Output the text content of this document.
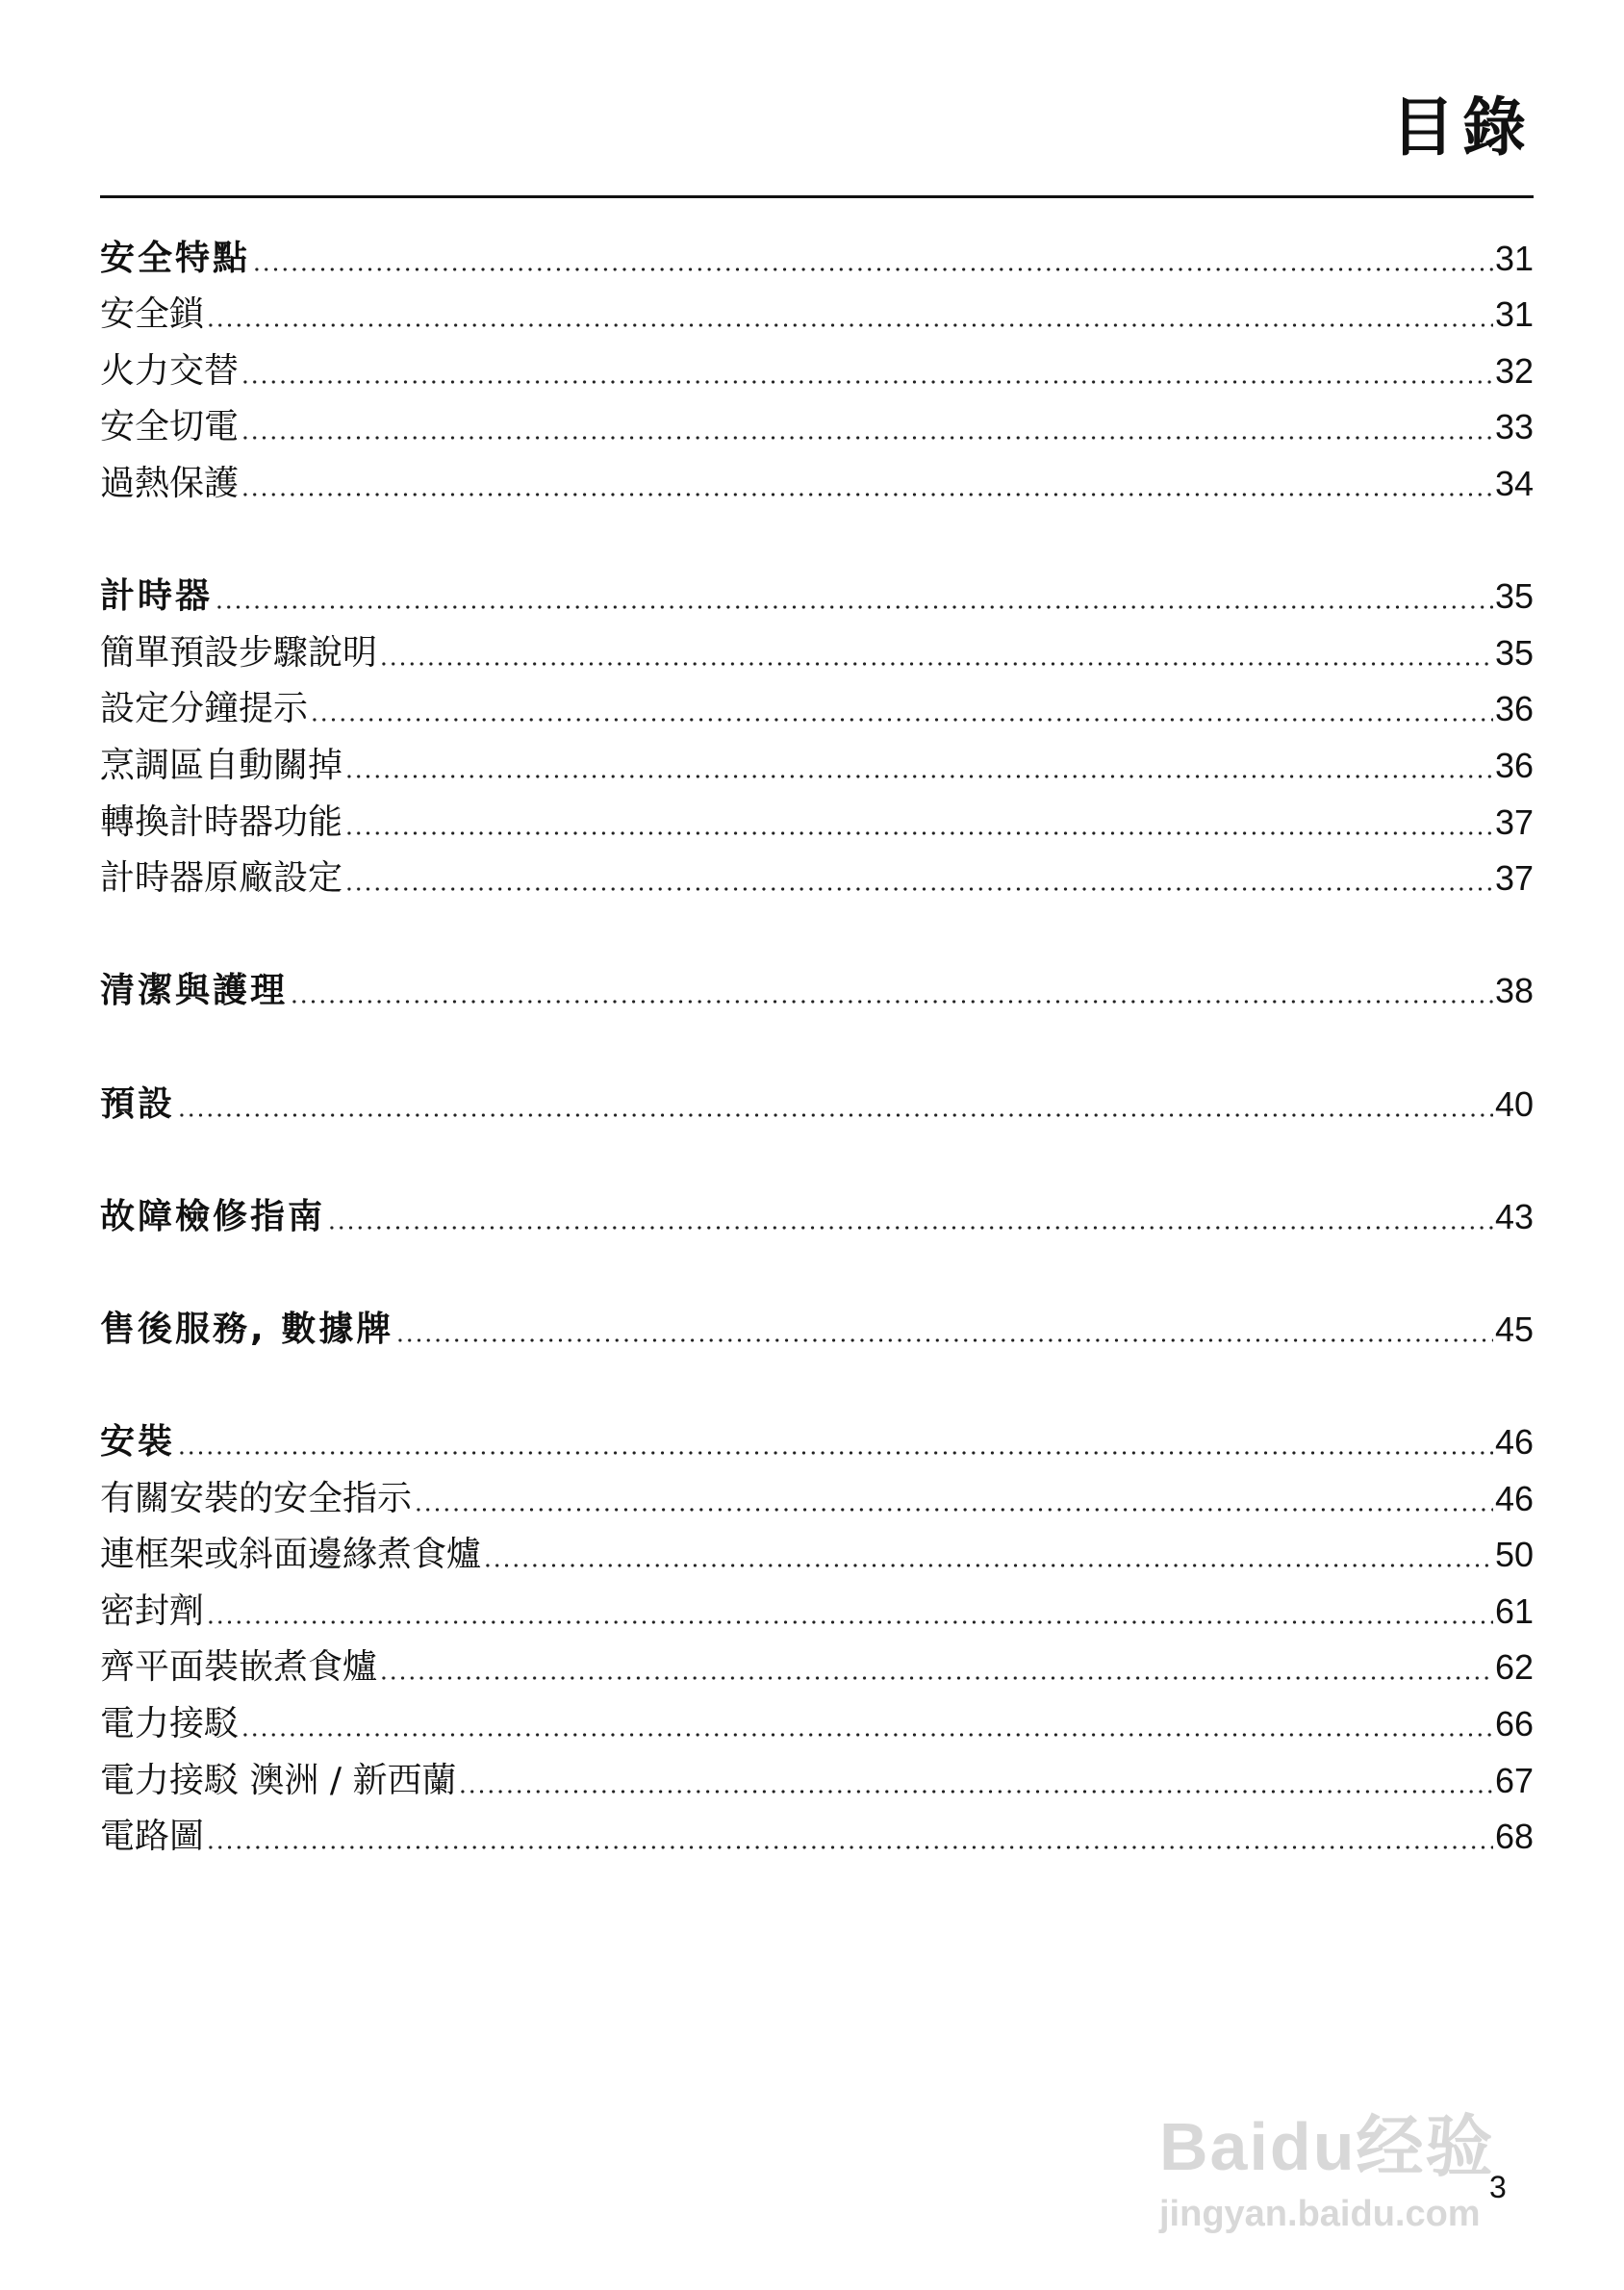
目錄
安全特點	31
安全鎖	31
火力交替	32
安全切電	33
過熱保護	34
計時器	35
簡單預設步驟說明	35
設定分鐘提示	36
烹調區自動關掉	36
轉換計時器功能	37
計時器原廠設定	37
清潔與護理	38
預設	40
故障檢修指南	43
售後服務, 數據牌	45
安裝	46
有關安裝的安全指示	46
連框架或斜面邊緣煮食爐	50
密封劑	61
齊平面裝嵌煮食爐	62
電力接駁	66
電力接駁 澳洲 / 新西蘭	67
電路圖	68
3
Baidu经验
jingyan.baidu.com
